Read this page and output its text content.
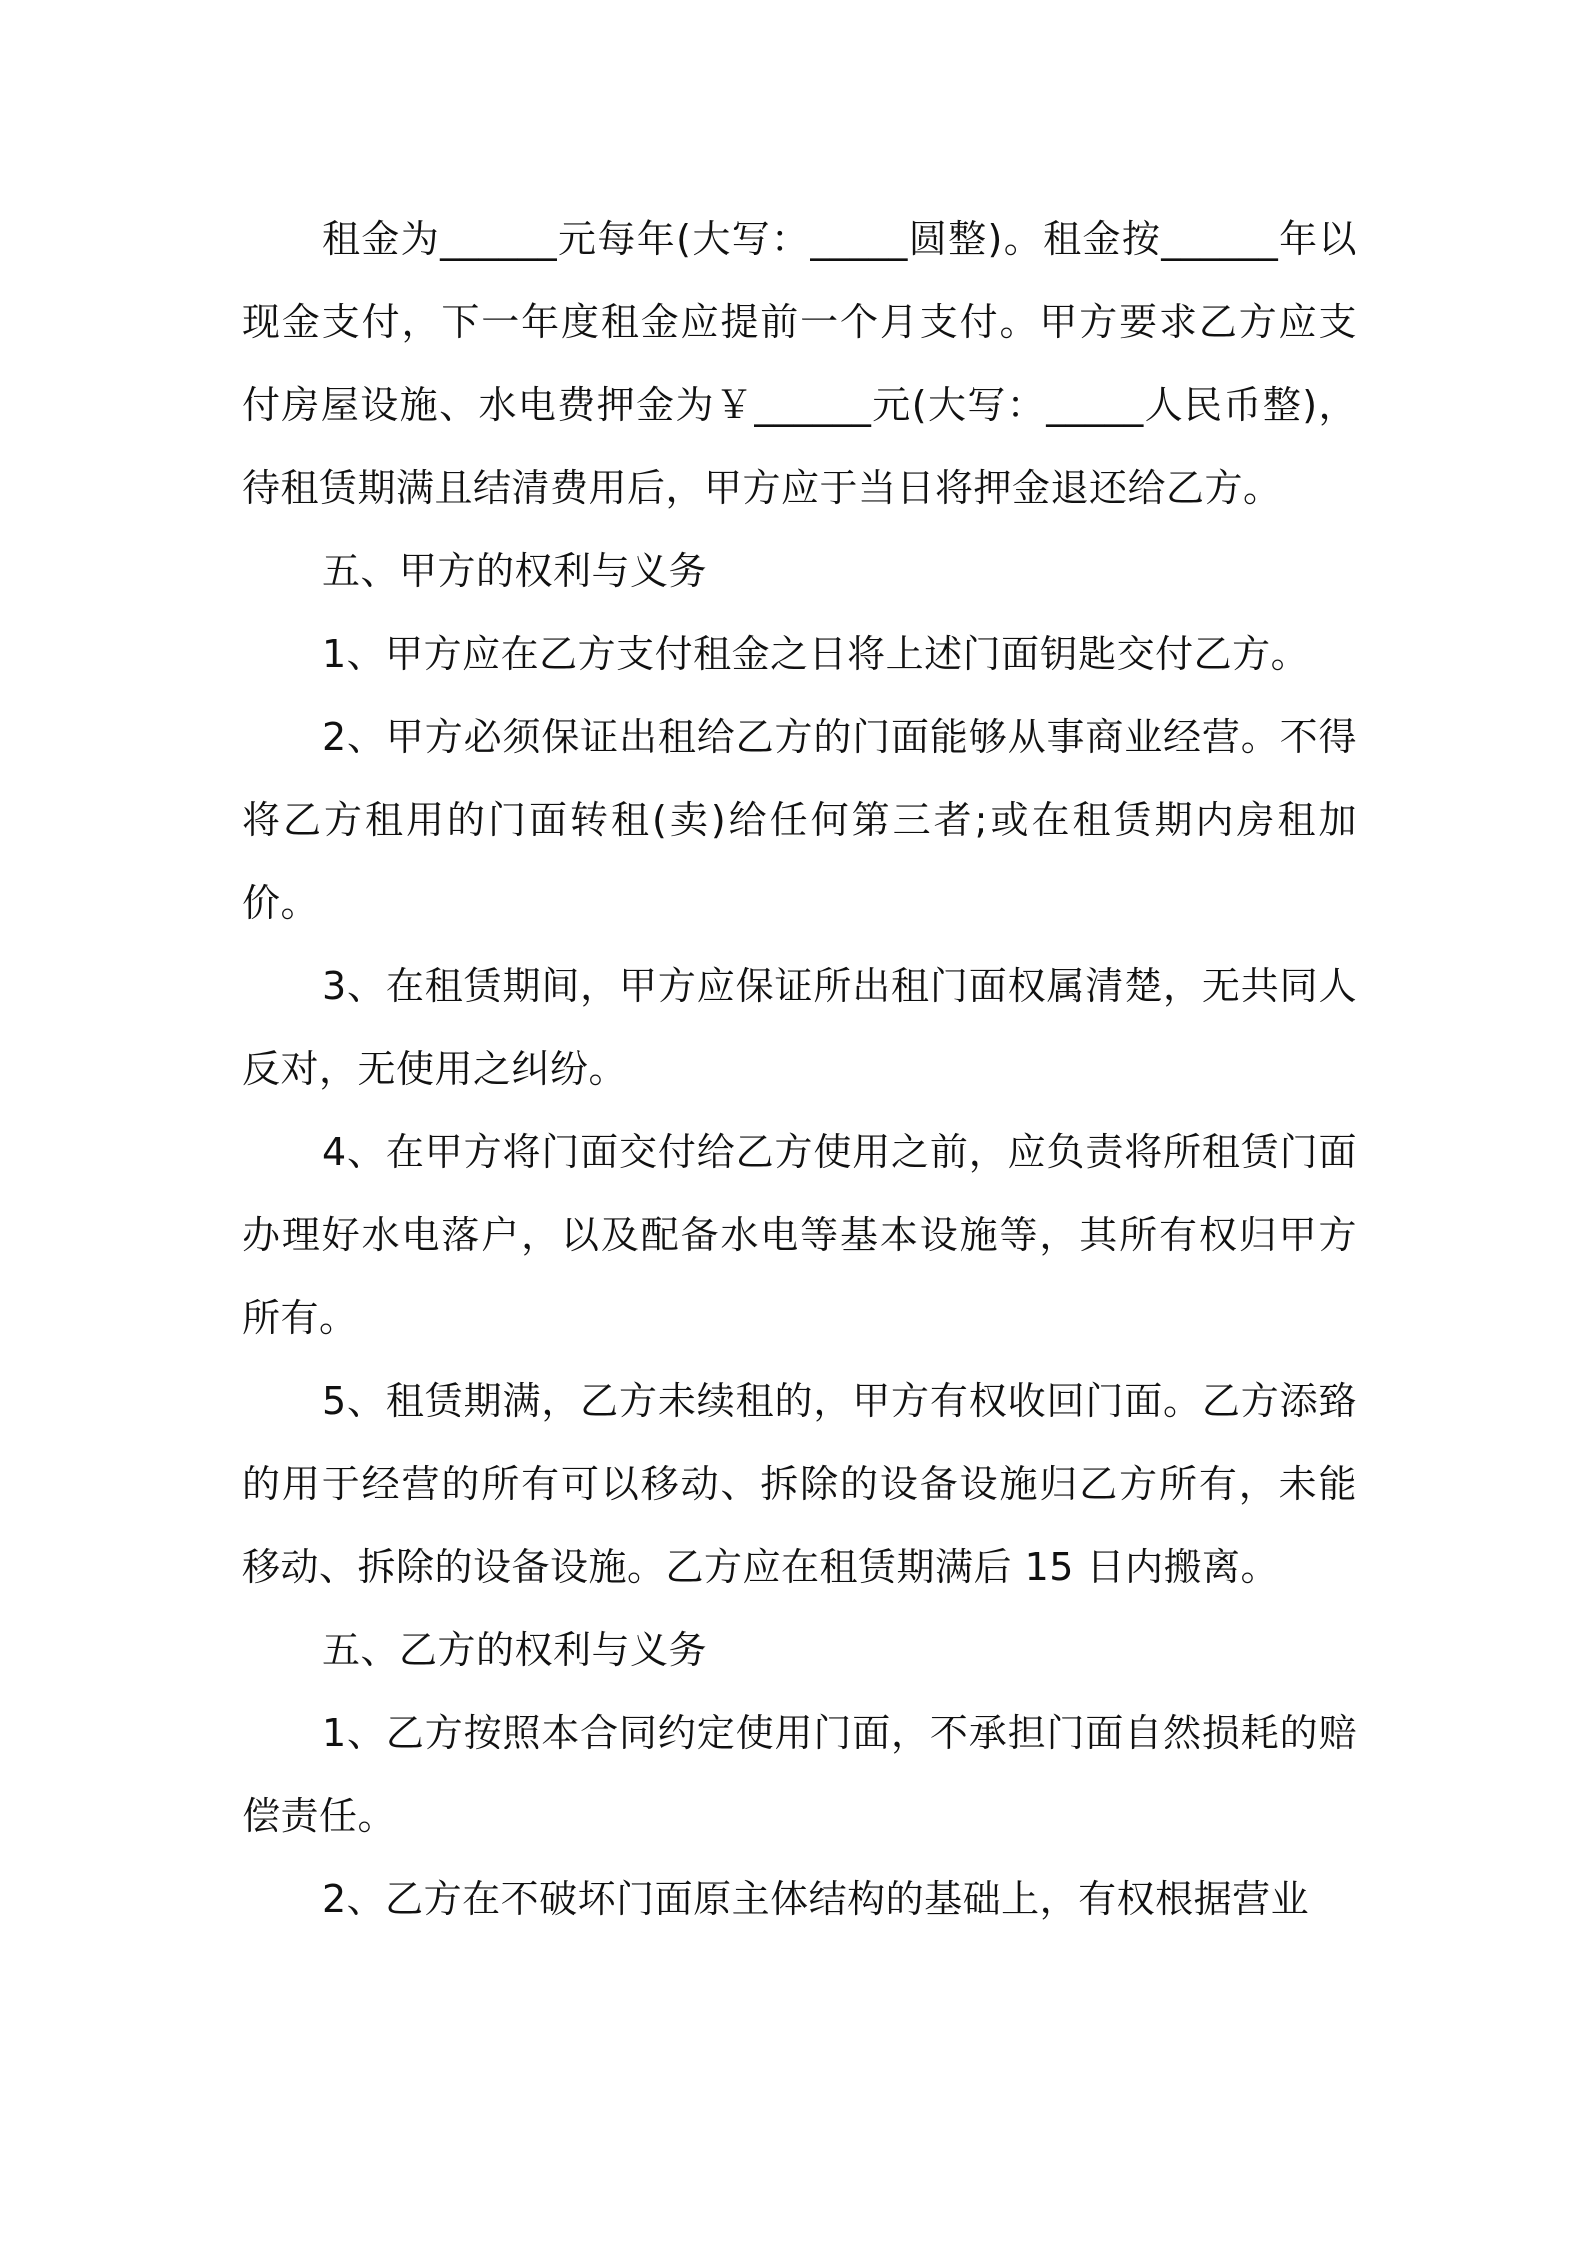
租金为______元每年(大写：_____圆整)。租金按______年以现金支付，下一年度租金应提前一个月支付。甲方要求乙方应支付房屋设施、水电费押金为￥______元(大写：_____人民币整)，待租赁期满且结清费用后，甲方应于当日将押金退还给乙方。

五、甲方的权利与义务

1、甲方应在乙方支付租金之日将上述门面钥匙交付乙方。

2、甲方必须保证出租给乙方的门面能够从事商业经营。不得将乙方租用的门面转租(卖)给任何第三者;或在租赁期内房租加价。

3、在租赁期间，甲方应保证所出租门面权属清楚，无共同人反对，无使用之纠纷。

4、在甲方将门面交付给乙方使用之前，应负责将所租赁门面办理好水电落户，以及配备水电等基本设施等，其所有权归甲方所有。

5、租赁期满，乙方未续租的，甲方有权收回门面。乙方添臵的用于经营的所有可以移动、拆除的设备设施归乙方所有，未能移动、拆除的设备设施。乙方应在租赁期满后 15 日内搬离。

五、乙方的权利与义务

1、乙方按照本合同约定使用门面，不承担门面自然损耗的赔偿责任。

2、乙方在不破坏门面原主体结构的基础上，有权根据营业
